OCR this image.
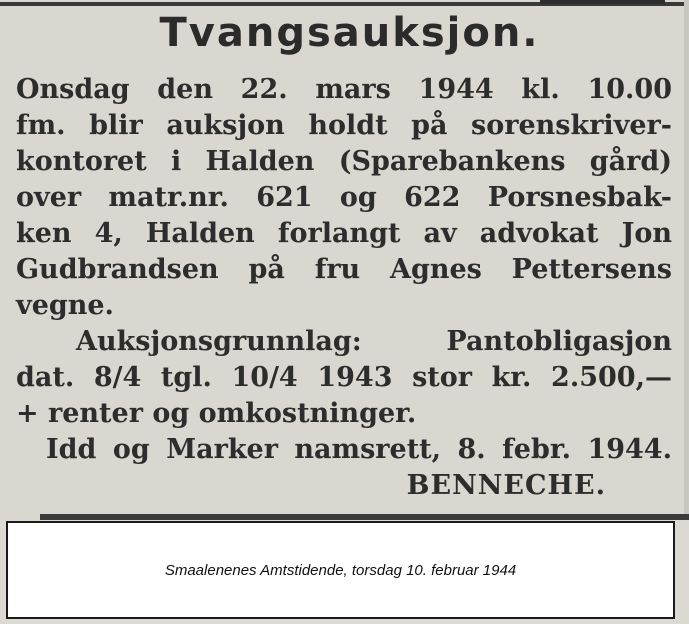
Tvangsauksjon.
Onsdag den 22. mars 1944 kl. 10.00
fm. blir auksjon holdt på sorenskriver-
kontoret i Halden (Sparebankens gård)
over matr.nr. 621 og 622 Porsnesbak-
ken 4, Halden forlangt av advokat Jon
Gudbrandsen på fru Agnes Pettersens
vegne.
Auksjonsgrunnlag: Pantobligasjon
dat. 8/4 tgl. 10/4 1943 stor kr. 2.500,—
+ renter og omkostninger.
Idd og Marker namsrett, 8. febr. 1944.
BENNECHE.
Smaalenenes Amtstidende, torsdag 10. februar 1944
